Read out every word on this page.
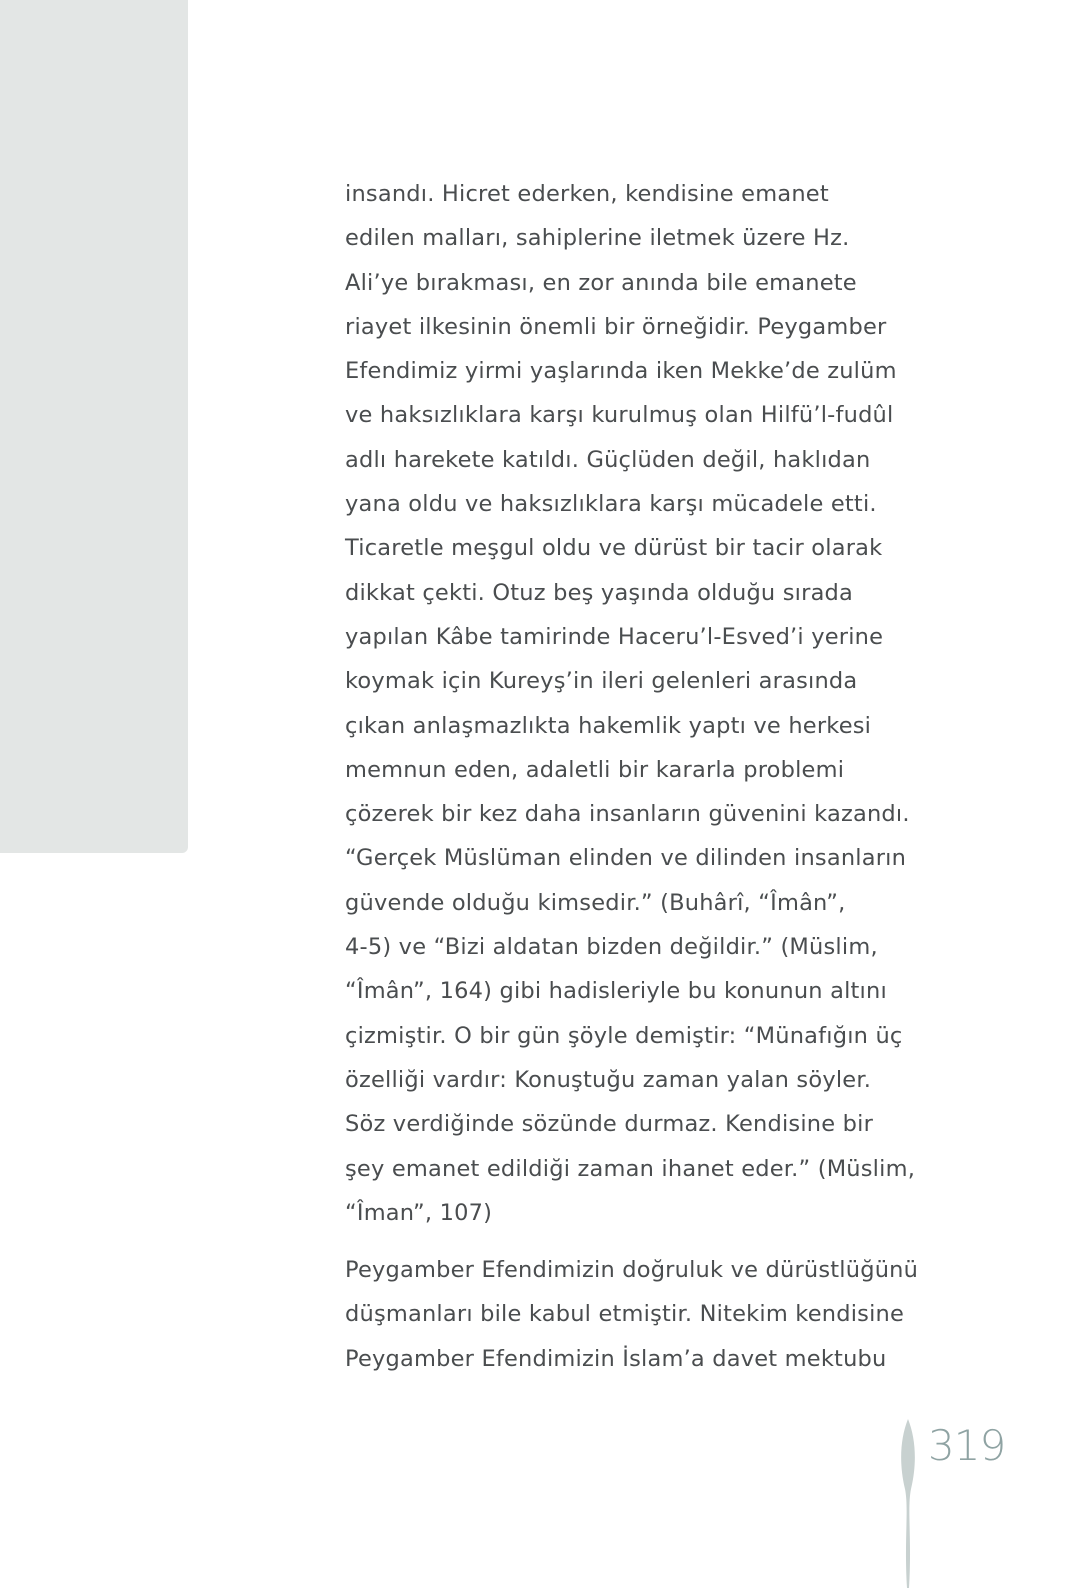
insandı. Hicret ederken, kendisine emanet
edilen malları, sahiplerine iletmek üzere Hz.
Ali’ye bırakması, en zor anında bile emanete
riayet ilkesinin önemli bir örneğidir. Peygamber
Efendimiz yirmi yaşlarında iken Mekke’de zulüm
ve haksızlıklara karşı kurulmuş olan Hilfü’l-fudûl
adlı harekete katıldı. Güçlüden değil, haklıdan
yana oldu ve haksızlıklara karşı mücadele etti.
Ticaretle meşgul oldu ve dürüst bir tacir olarak
dikkat çekti. Otuz beş yaşında olduğu sırada
yapılan Kâbe tamirinde Haceru’l-Esved’i yerine
koymak için Kureyş’in ileri gelenleri arasında
çıkan anlaşmazlıkta hakemlik yaptı ve herkesi
memnun eden, adaletli bir kararla problemi
çözerek bir kez daha insanların güvenini kazandı.
“Gerçek Müslüman elinden ve dilinden insanların
güvende olduğu kimsedir.” (Buhârî, “Îmân”,
4-5) ve “Bizi aldatan bizden değildir.” (Müslim,
“Îmân”, 164) gibi hadisleriyle bu konunun altını
çizmiştir. O bir gün şöyle demiştir: “Münafığın üç
özelliği vardır: Konuştuğu zaman yalan söyler.
Söz verdiğinde sözünde durmaz. Kendisine bir
şey emanet edildiği zaman ihanet eder.” (Müslim,
“Îman”, 107)
Peygamber Efendimizin doğruluk ve dürüstlüğünü
düşmanları bile kabul etmiştir. Nitekim kendisine
Peygamber Efendimizin İslam’a davet mektubu
319
